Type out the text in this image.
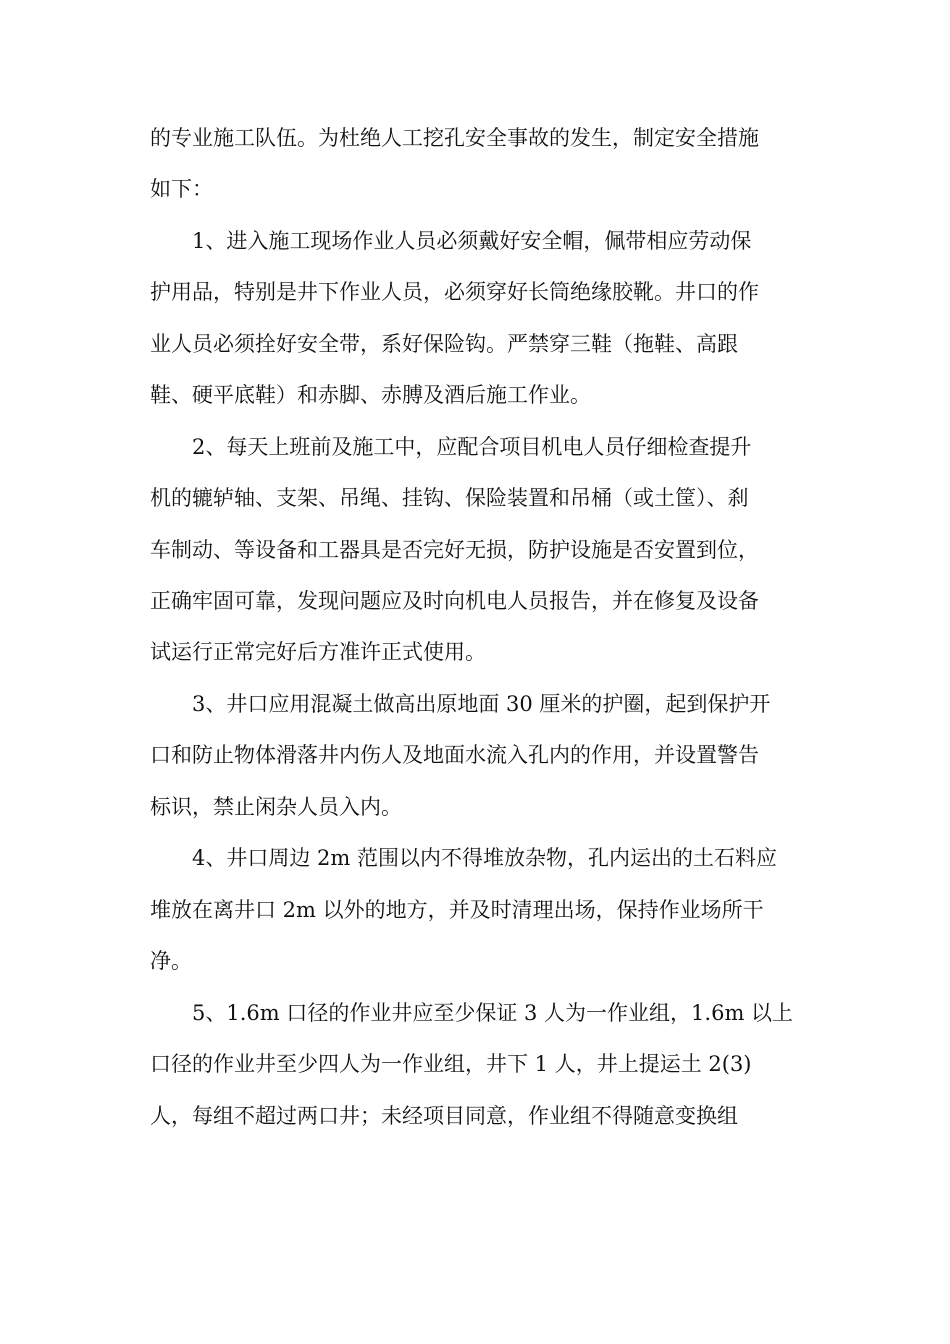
的专业施工队伍。为杜绝人工挖孔安全事故的发生，制定安全措施
如下：
1、进入施工现场作业人员必须戴好安全帽，佩带相应劳动保
护用品，特别是井下作业人员，必须穿好长筒绝缘胶靴。井口的作
业人员必须拴好安全带，系好保险钩。严禁穿三鞋（拖鞋、高跟
鞋、硬平底鞋）和赤脚、赤膊及酒后施工作业。
2、每天上班前及施工中，应配合项目机电人员仔细检查提升
机的辘轳轴、支架、吊绳、挂钩、保险装置和吊桶（或土筐）、刹
车制动、等设备和工器具是否完好无损，防护设施是否安置到位，
正确牢固可靠，发现问题应及时向机电人员报告，并在修复及设备
试运行正常完好后方准许正式使用。
3、井口应用混凝土做高出原地面 30 厘米的护圈，起到保护开
口和防止物体滑落井内伤人及地面水流入孔内的作用，并设置警告
标识，禁止闲杂人员入内。
4、井口周边 2m 范围以内不得堆放杂物，孔内运出的土石料应
堆放在离井口 2m 以外的地方，并及时清理出场，保持作业场所干
净。
5、1.6m 口径的作业井应至少保证 3 人为一作业组，1.6m 以上
口径的作业井至少四人为一作业组，井下 1 人，井上提运土 2(3)
人，每组不超过两口井；未经项目同意，作业组不得随意变换组
